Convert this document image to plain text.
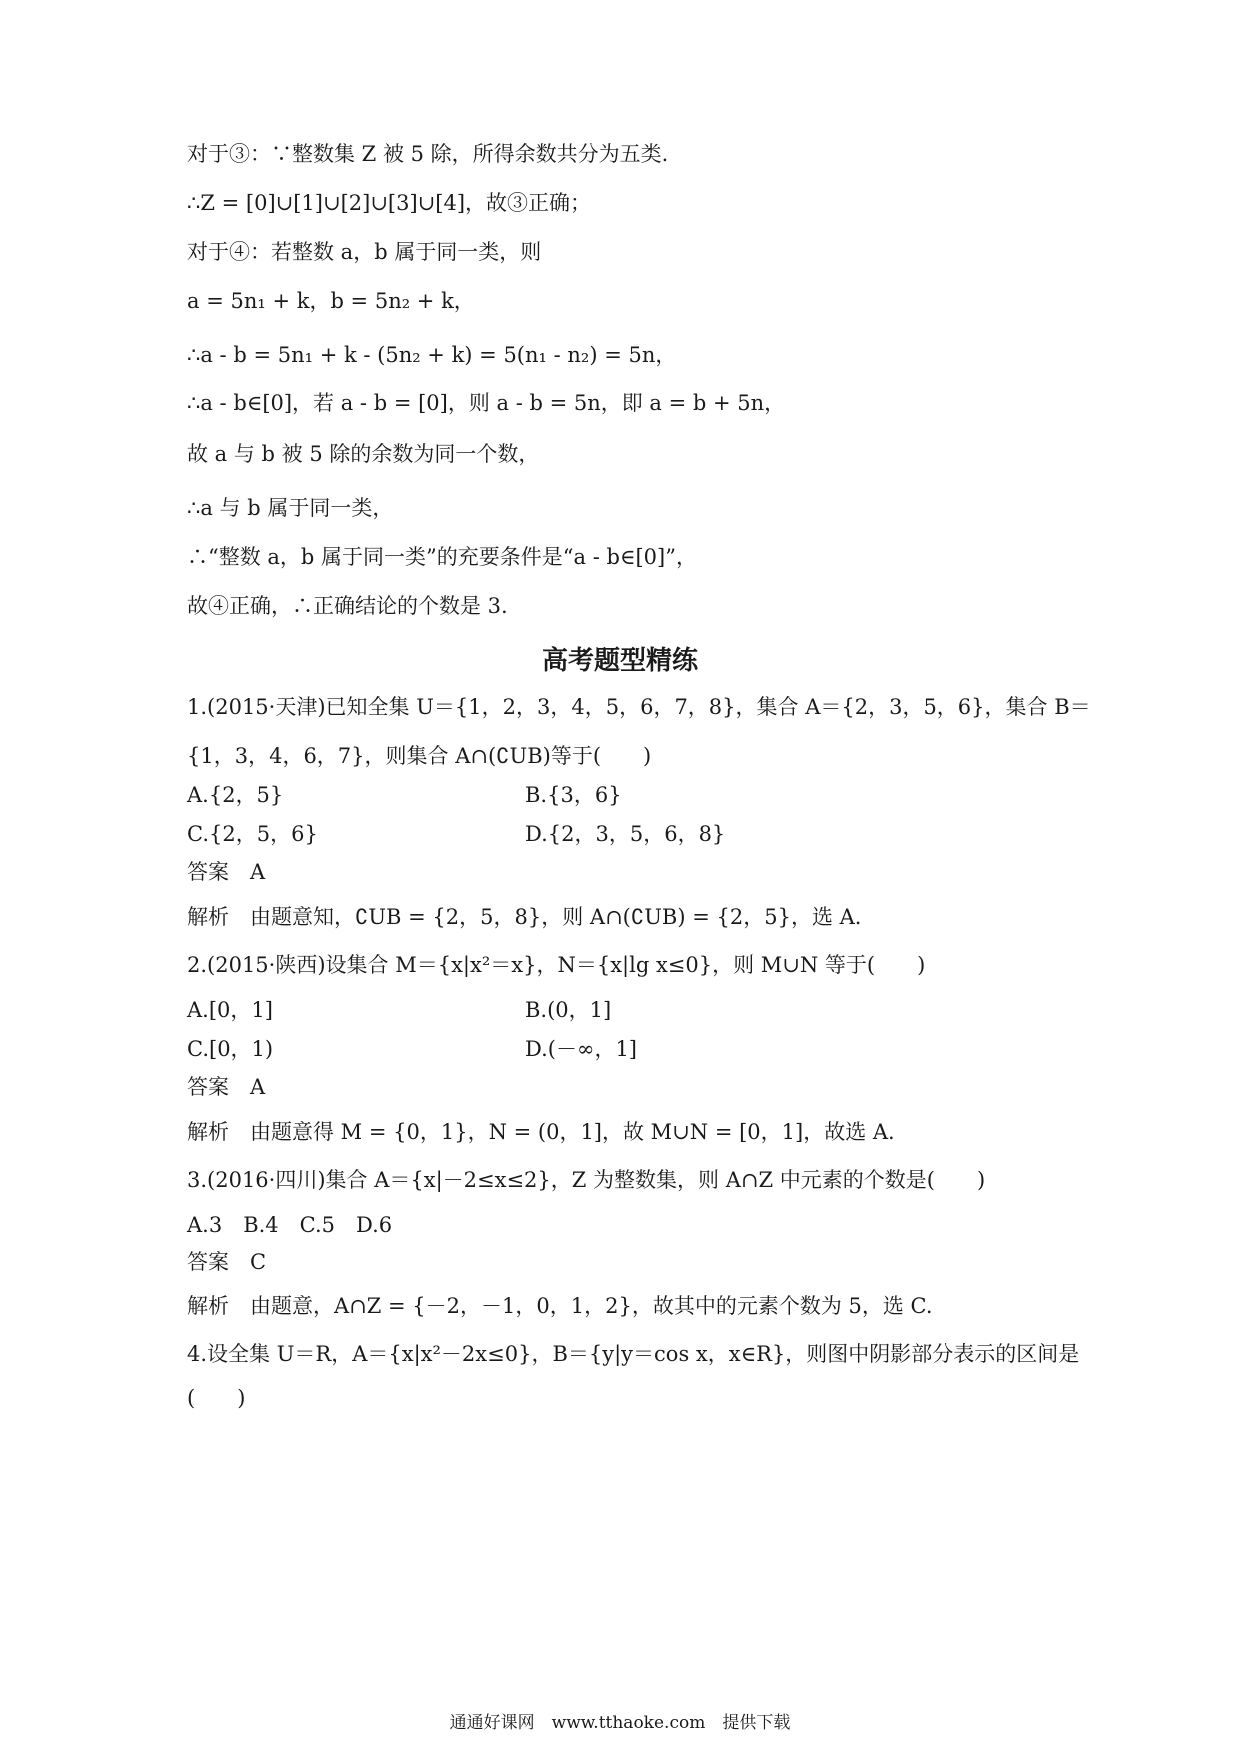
对于③：∵整数集 Z 被 5 除，所得余数共分为五类.
∴Z = [0]∪[1]∪[2]∪[3]∪[4]，故③正确；
对于④：若整数 a，b 属于同一类，则
a = 5n₁ + k，b = 5n₂ + k，
∴a - b = 5n₁ + k - (5n₂ + k) = 5(n₁ - n₂) = 5n，
∴a - b∈[0]，若 a - b = [0]，则 a - b = 5n，即 a = b + 5n，
故 a 与 b 被 5 除的余数为同一个数，
∴a 与 b 属于同一类，
∴“整数 a，b 属于同一类”的充要条件是“a - b∈[0]”，
故④正确，∴正确结论的个数是 3.
高考题型精练
1.(2015·天津)已知全集 U＝{1，2，3，4，5，6，7，8}，集合 A＝{2，3，5，6}，集合 B＝
{1，3，4，6，7}，则集合 A∩(∁UB)等于(　　)
A.{2，5}	B.{3，6}
C.{2，5，6}	D.{2，3，5，6，8}
答案　A
解析　由题意知，∁UB = {2，5，8}，则 A∩(∁UB) = {2，5}，选 A.
2.(2015·陕西)设集合 M＝{x|x²＝x}，N＝{x|lg x≤0}，则 M∪N 等于(　　)
A.[0，1]	B.(0，1]
C.[0，1)	D.(－∞，1]
答案　A
解析　由题意得 M = {0，1}，N = (0，1]，故 M∪N = [0，1]，故选 A.
3.(2016·四川)集合 A＝{x|－2≤x≤2}，Z 为整数集，则 A∩Z 中元素的个数是(　　)
A.3　B.4　C.5　D.6
答案　C
解析　由题意，A∩Z = {－2，－1，0，1，2}，故其中的元素个数为 5，选 C.
4.设全集 U＝R，A＝{x|x²－2x≤0}，B＝{y|y＝cos x，x∈R}，则图中阴影部分表示的区间是
(　　)
通通好课网　www.tthaoke.com　提供下载
